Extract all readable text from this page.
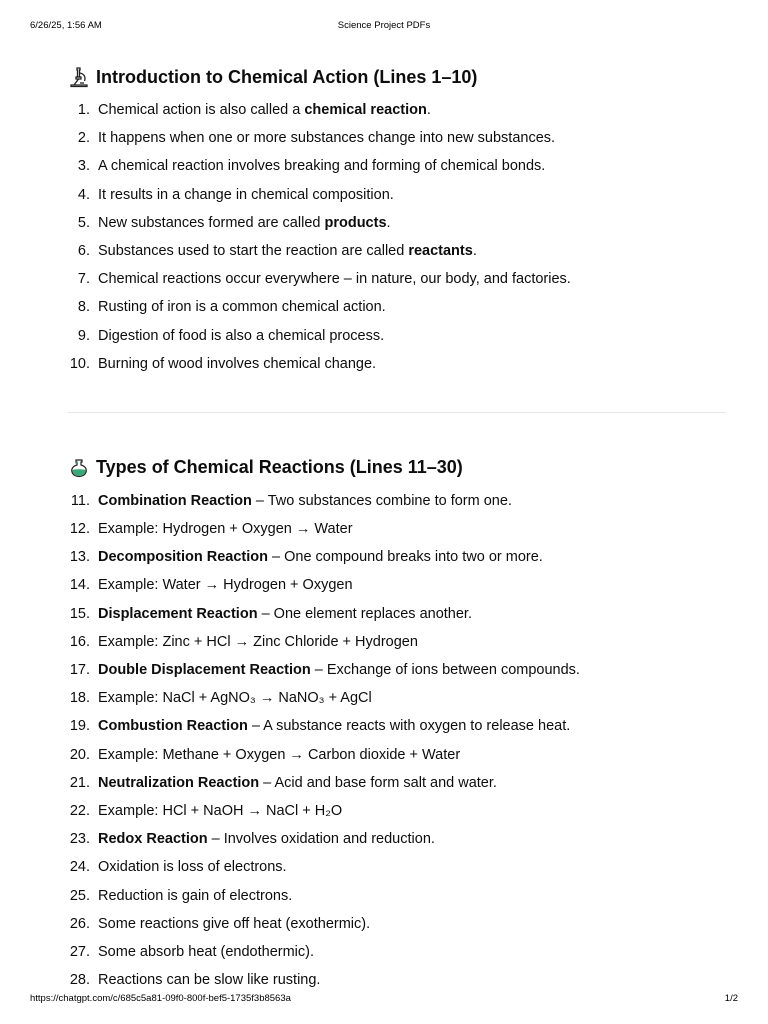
6/26/25, 1:56 AM	Science Project PDFs
Introduction to Chemical Action (Lines 1–10)
1. Chemical action is also called a chemical reaction.
2. It happens when one or more substances change into new substances.
3. A chemical reaction involves breaking and forming of chemical bonds.
4. It results in a change in chemical composition.
5. New substances formed are called products.
6. Substances used to start the reaction are called reactants.
7. Chemical reactions occur everywhere – in nature, our body, and factories.
8. Rusting of iron is a common chemical action.
9. Digestion of food is also a chemical process.
10. Burning of wood involves chemical change.
Types of Chemical Reactions (Lines 11–30)
11. Combination Reaction – Two substances combine to form one.
12. Example: Hydrogen + Oxygen → Water
13. Decomposition Reaction – One compound breaks into two or more.
14. Example: Water → Hydrogen + Oxygen
15. Displacement Reaction – One element replaces another.
16. Example: Zinc + HCl → Zinc Chloride + Hydrogen
17. Double Displacement Reaction – Exchange of ions between compounds.
18. Example: NaCl + AgNO₃ → NaNO₃ + AgCl
19. Combustion Reaction – A substance reacts with oxygen to release heat.
20. Example: Methane + Oxygen → Carbon dioxide + Water
21. Neutralization Reaction – Acid and base form salt and water.
22. Example: HCl + NaOH → NaCl + H₂O
23. Redox Reaction – Involves oxidation and reduction.
24. Oxidation is loss of electrons.
25. Reduction is gain of electrons.
26. Some reactions give off heat (exothermic).
27. Some absorb heat (endothermic).
28. Reactions can be slow like rusting.
https://chatgpt.com/c/685c5a81-09f0-800f-bef5-1735f3b8563a	1/2
